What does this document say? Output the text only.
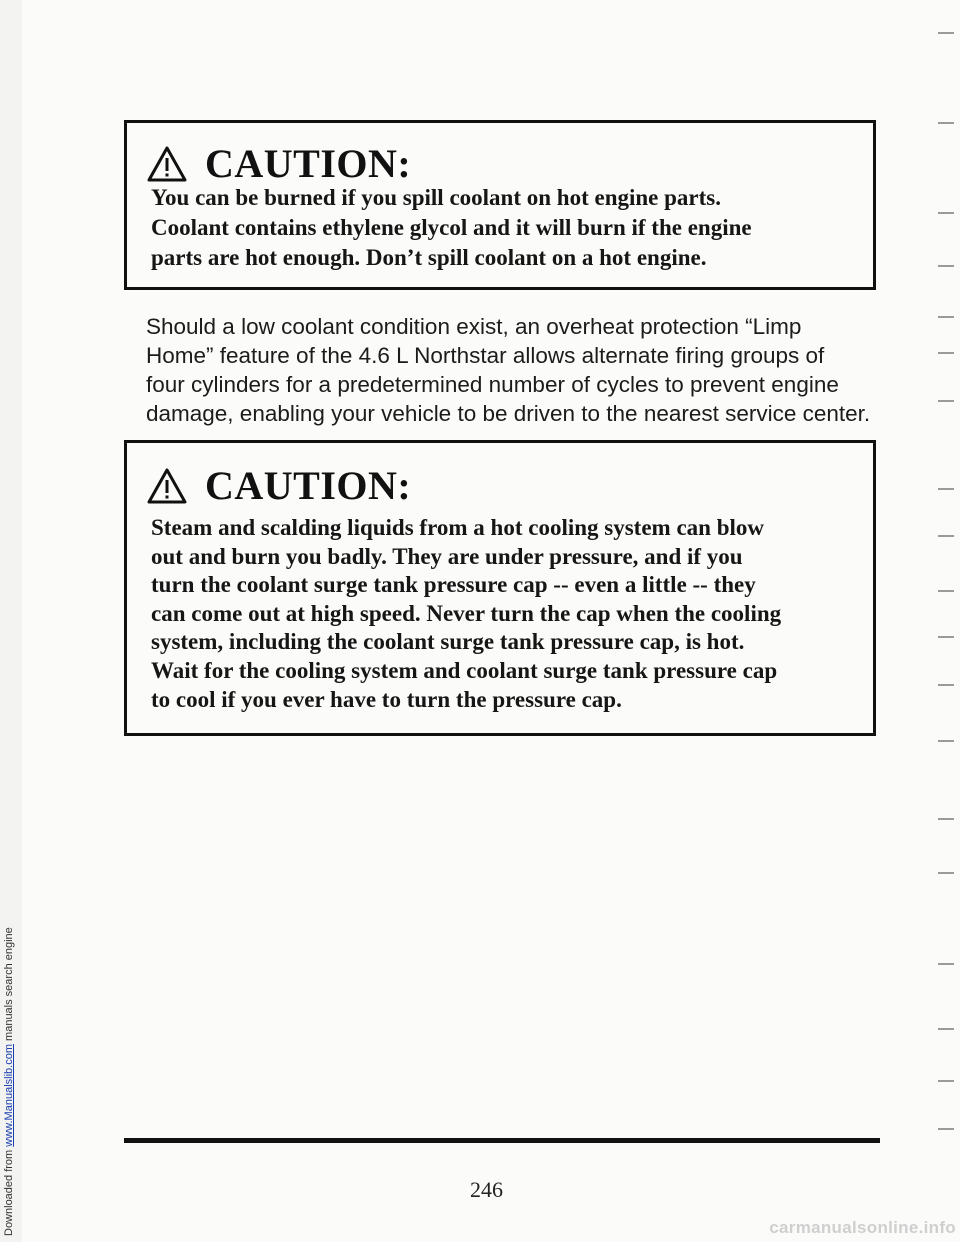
Downloaded from www.Manualslib.com manuals search engine
CAUTION:
You can be burned if you spill coolant on hot engine parts.
Coolant contains ethylene glycol and it will burn if the engine
parts are hot enough. Don’t spill coolant on a hot engine.
Should a low coolant condition exist, an overheat protection “Limp
Home” feature of the 4.6 L Northstar allows alternate firing groups of
four cylinders for a predetermined number of cycles to prevent engine
damage, enabling your vehicle to be driven to the nearest service center.
CAUTION:
Steam and scalding liquids from a hot cooling system can blow
out and burn you badly. They are under pressure, and if you
turn the coolant surge tank pressure cap -- even a little -- they
can come out at high speed. Never turn the cap when the cooling
system, including the coolant surge tank pressure cap, is hot.
Wait for the cooling system and coolant surge tank pressure cap
to cool if you ever have to turn the pressure cap.
246
carmanualsonline.info
